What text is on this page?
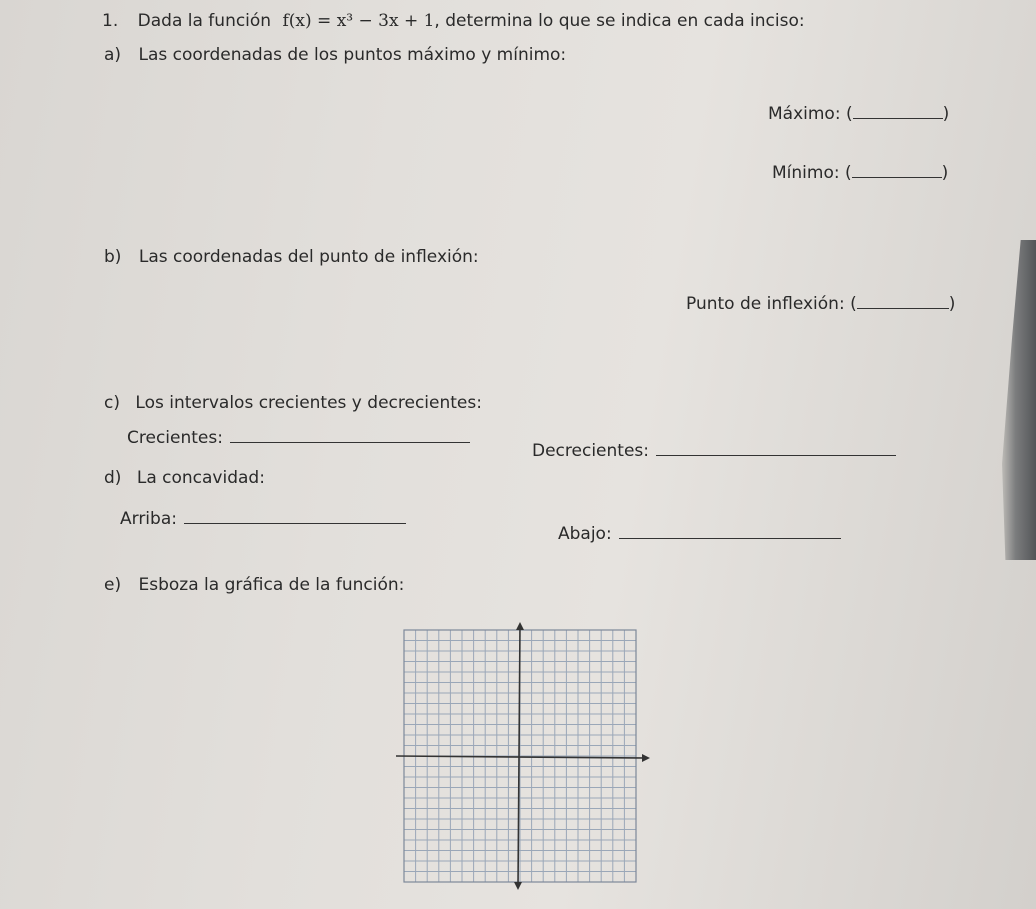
1. Dada la función f(x) = x³ − 3x + 1, determina lo que se indica en cada inciso:
a) Las coordenadas de los puntos máximo y mínimo:
Máximo: (	)
Mínimo: (	)
b) Las coordenadas del punto de inflexión:
Punto de inflexión: (	)
c) Los intervalos crecientes y decrecientes:
Crecientes:
Decrecientes:
d) La concavidad:
Arriba:
Abajo:
e) Esboza la gráfica de la función:
